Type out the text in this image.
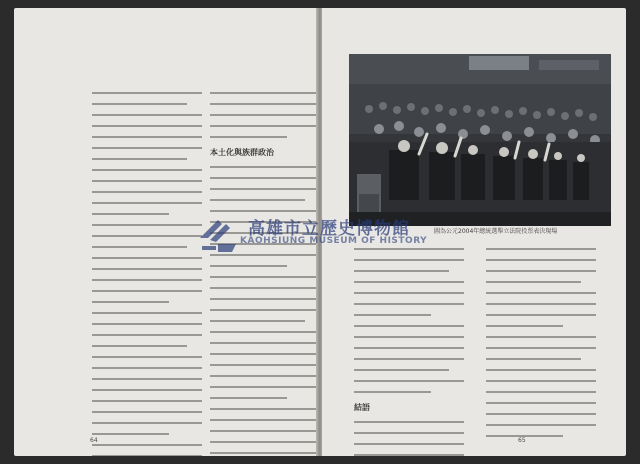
本土化與族群政治
64
圖為公元2004年總統選舉立法院投票表決現場
結語
65
高雄市立歷史博物館
KAOHSIUNG MUSEUM OF HISTORY
